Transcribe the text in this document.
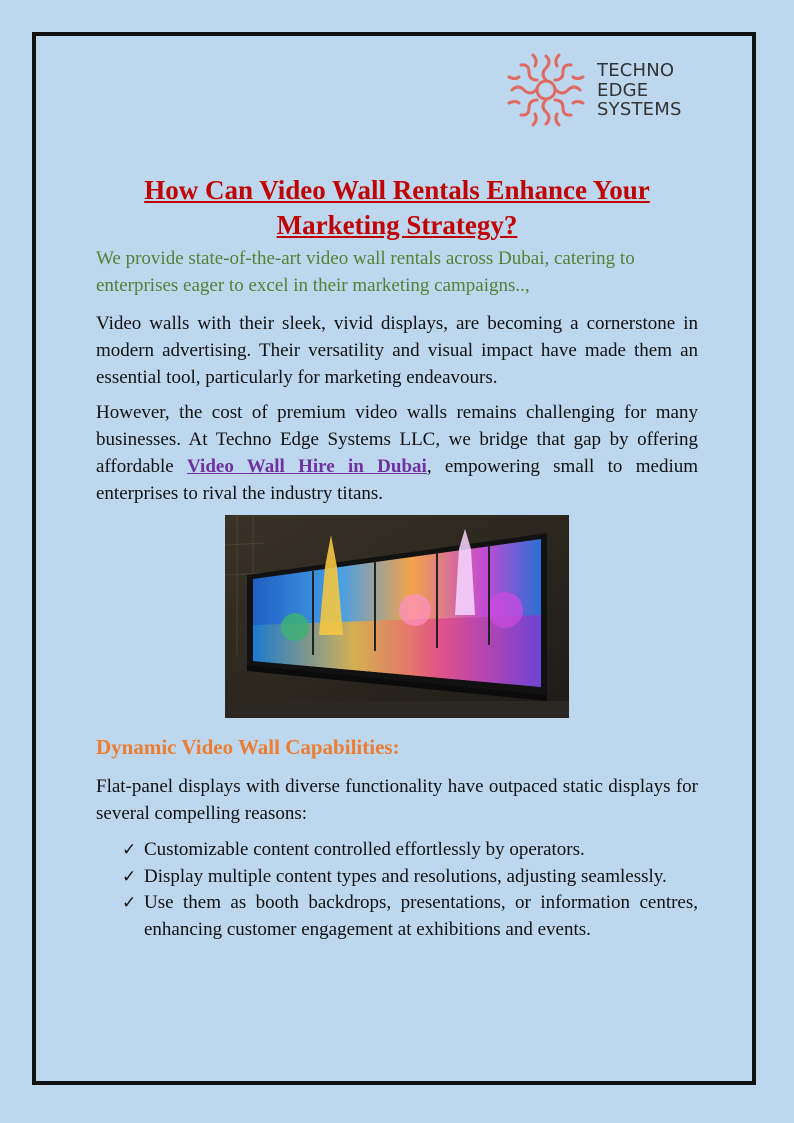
TECHNO
EDGE
SYSTEMS
How Can Video Wall Rentals Enhance Your Marketing Strategy?

We provide state-of-the-art video wall rentals across Dubai, catering to enterprises eager to excel in their marketing campaigns..,

Video walls with their sleek, vivid displays, are becoming a cornerstone in modern advertising. Their versatility and visual impact have made them an essential tool, particularly for marketing endeavours.

However, the cost of premium video walls remains challenging for many businesses. At Techno Edge Systems LLC, we bridge that gap by offering affordable Video Wall Hire in Dubai, empowering small to medium enterprises to rival the industry titans.

Dynamic Video Wall Capabilities:

Flat-panel displays with diverse functionality have outpaced static displays for several compelling reasons:

✓ Customizable content controlled effortlessly by operators.
✓ Display multiple content types and resolutions, adjusting seamlessly.
✓ Use them as booth backdrops, presentations, or information centres, enhancing customer engagement at exhibitions and events.
